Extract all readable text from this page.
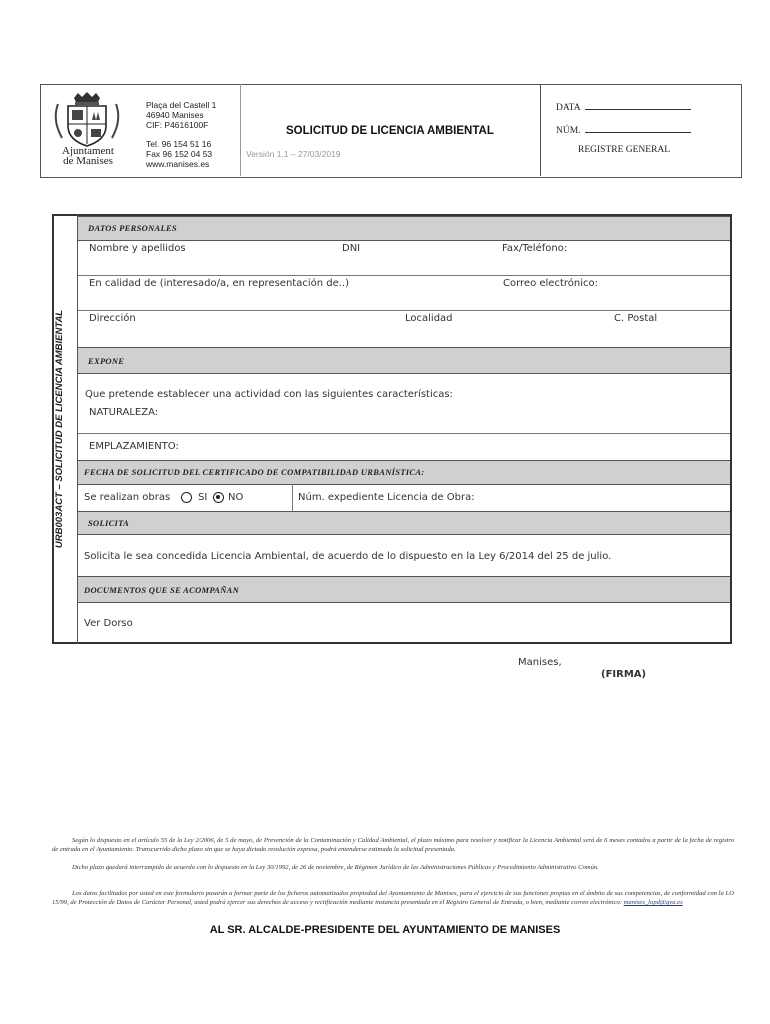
Ajuntament
de Manises
Plaça del Castell 1
46940 Manises
CIF: P4616100F
Tel. 96 154 51 16
Fax 96 152 04 53
www.manises.es
SOLICITUD DE LICENCIA AMBIENTAL
Versión 1.1 – 27/03/2019
DATA
NÚM.
REGISTRE GENERAL
URB003ACT – SOLICITUD DE LICENCIA AMBIENTAL
DATOS PERSONALES
Nombre y apellidos	DNI	Fax/Teléfono:
En calidad de (interesado/a, en representación de..)	Correo electrónico:
Dirección	Localidad	C. Postal
EXPONE
Que pretende establecer una actividad con las siguientes características:
NATURALEZA:
EMPLAZAMIENTO:
FECHA DE SOLICITUD DEL CERTIFICADO DE COMPATIBILIDAD URBANÍSTICA:
Se realizan obras	SI NO	Núm. expediente Licencia de Obra:
SOLICITA
Solicita le sea concedida Licencia Ambiental, de acuerdo de lo dispuesto en la Ley 6/2014 del 25 de julio.
DOCUMENTOS QUE SE ACOMPAÑAN
Ver Dorso
Manises,
(FIRMA)
Según lo dispuesto en el artículo 55 de la Ley 2/2006, de 5 de mayo, de Prevención de la Contaminación y Calidad Ambiental, el plazo máximo para resolver y notificar la Licencia Ambiental será de 6 meses contados a partir de la fecha de registro de entrada en el Ayuntamiento. Transcurrido dicho plazo sin que se haya dictado resolución expresa, podrá entenderse estimada la solicitud presentada.
Dicho plazo quedará interrumpido de acuerdo con lo dispuesto en la Ley 30/1992, de 26 de noviembre, de Régimen Jurídico de las Administraciones Públicas y Procedimiento Administrativo Común.
Los datos facilitados por usted en este formulario pasarán a formar parte de los ficheros automatizados propiedad del Ayuntamiento de Manises, para el ejercicio de sus funciones propias en el ámbito de sus competencias, de conformidad con la LO 15/99, de Protección de Datos de Carácter Personal, usted podrá ejercer sus derechos de acceso y rectificación mediante instancia presentada en el Registro General de Entrada, o bien, mediante correo electrónico: manises_lopd@gva.es
AL SR. ALCALDE-PRESIDENTE DEL AYUNTAMIENTO DE MANISES
